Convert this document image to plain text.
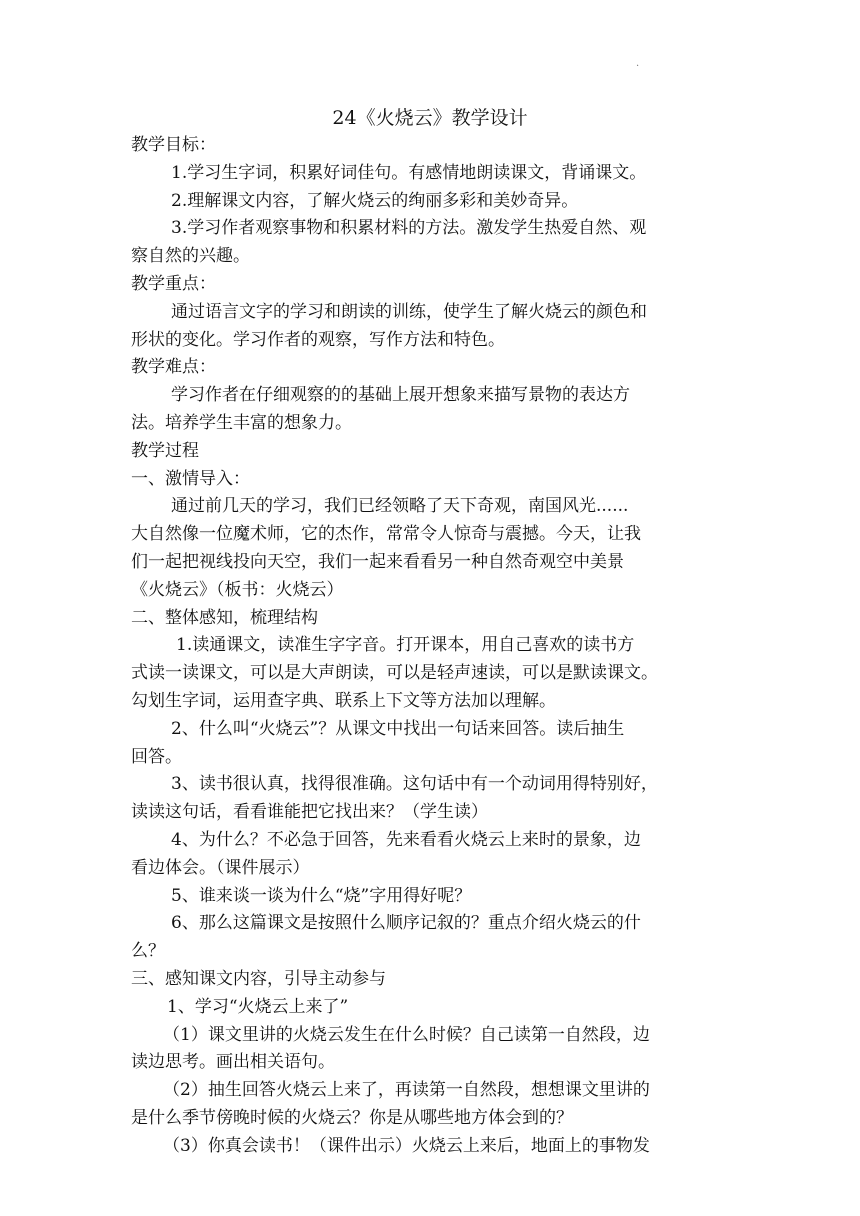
.
24《火烧云》教学设计

教学目标：

1.学习生字词，积累好词佳句。有感情地朗读课文，背诵课文。

2.理解课文内容，了解火烧云的绚丽多彩和美妙奇异。

3.学习作者观察事物和积累材料的方法。激发学生热爱自然、观

察自然的兴趣。

教学重点：

通过语言文字的学习和朗读的训练，使学生了解火烧云的颜色和

形状的变化。学习作者的观察，写作方法和特色。

教学难点：

学习作者在仔细观察的的基础上展开想象来描写景物的表达方

法。培养学生丰富的想象力。

教学过程

一、激情导入：

通过前几天的学习，我们已经领略了天下奇观，南国风光......

大自然像一位魔术师，它的杰作，常常令人惊奇与震撼。今天，让我

们一起把视线投向天空，我们一起来看看另一种自然奇观空中美景

《火烧云》（板书：火烧云）

二、整体感知，梳理结构

1.读通课文，读准生字字音。打开课本，用自己喜欢的读书方

式读一读课文，可以是大声朗读，可以是轻声速读，可以是默读课文。

勾划生字词，运用查字典、联系上下文等方法加以理解。

2、什么叫“火烧云”？从课文中找出一句话来回答。读后抽生

回答。

3、读书很认真，找得很准确。这句话中有一个动词用得特别好，

读读这句话，看看谁能把它找出来？（学生读）

4、为什么？不必急于回答，先来看看火烧云上来时的景象，边

看边体会。（课件展示）

5、谁来谈一谈为什么“烧”字用得好呢？

6、那么这篇课文是按照什么顺序记叙的？重点介绍火烧云的什

么？

三、感知课文内容，引导主动参与

1、学习“火烧云上来了”

（1）课文里讲的火烧云发生在什么时候？自己读第一自然段，边

读边思考。画出相关语句。

（2）抽生回答火烧云上来了，再读第一自然段，想想课文里讲的

是什么季节傍晚时候的火烧云？你是从哪些地方体会到的？

（3）你真会读书！（课件出示）火烧云上来后，地面上的事物发
